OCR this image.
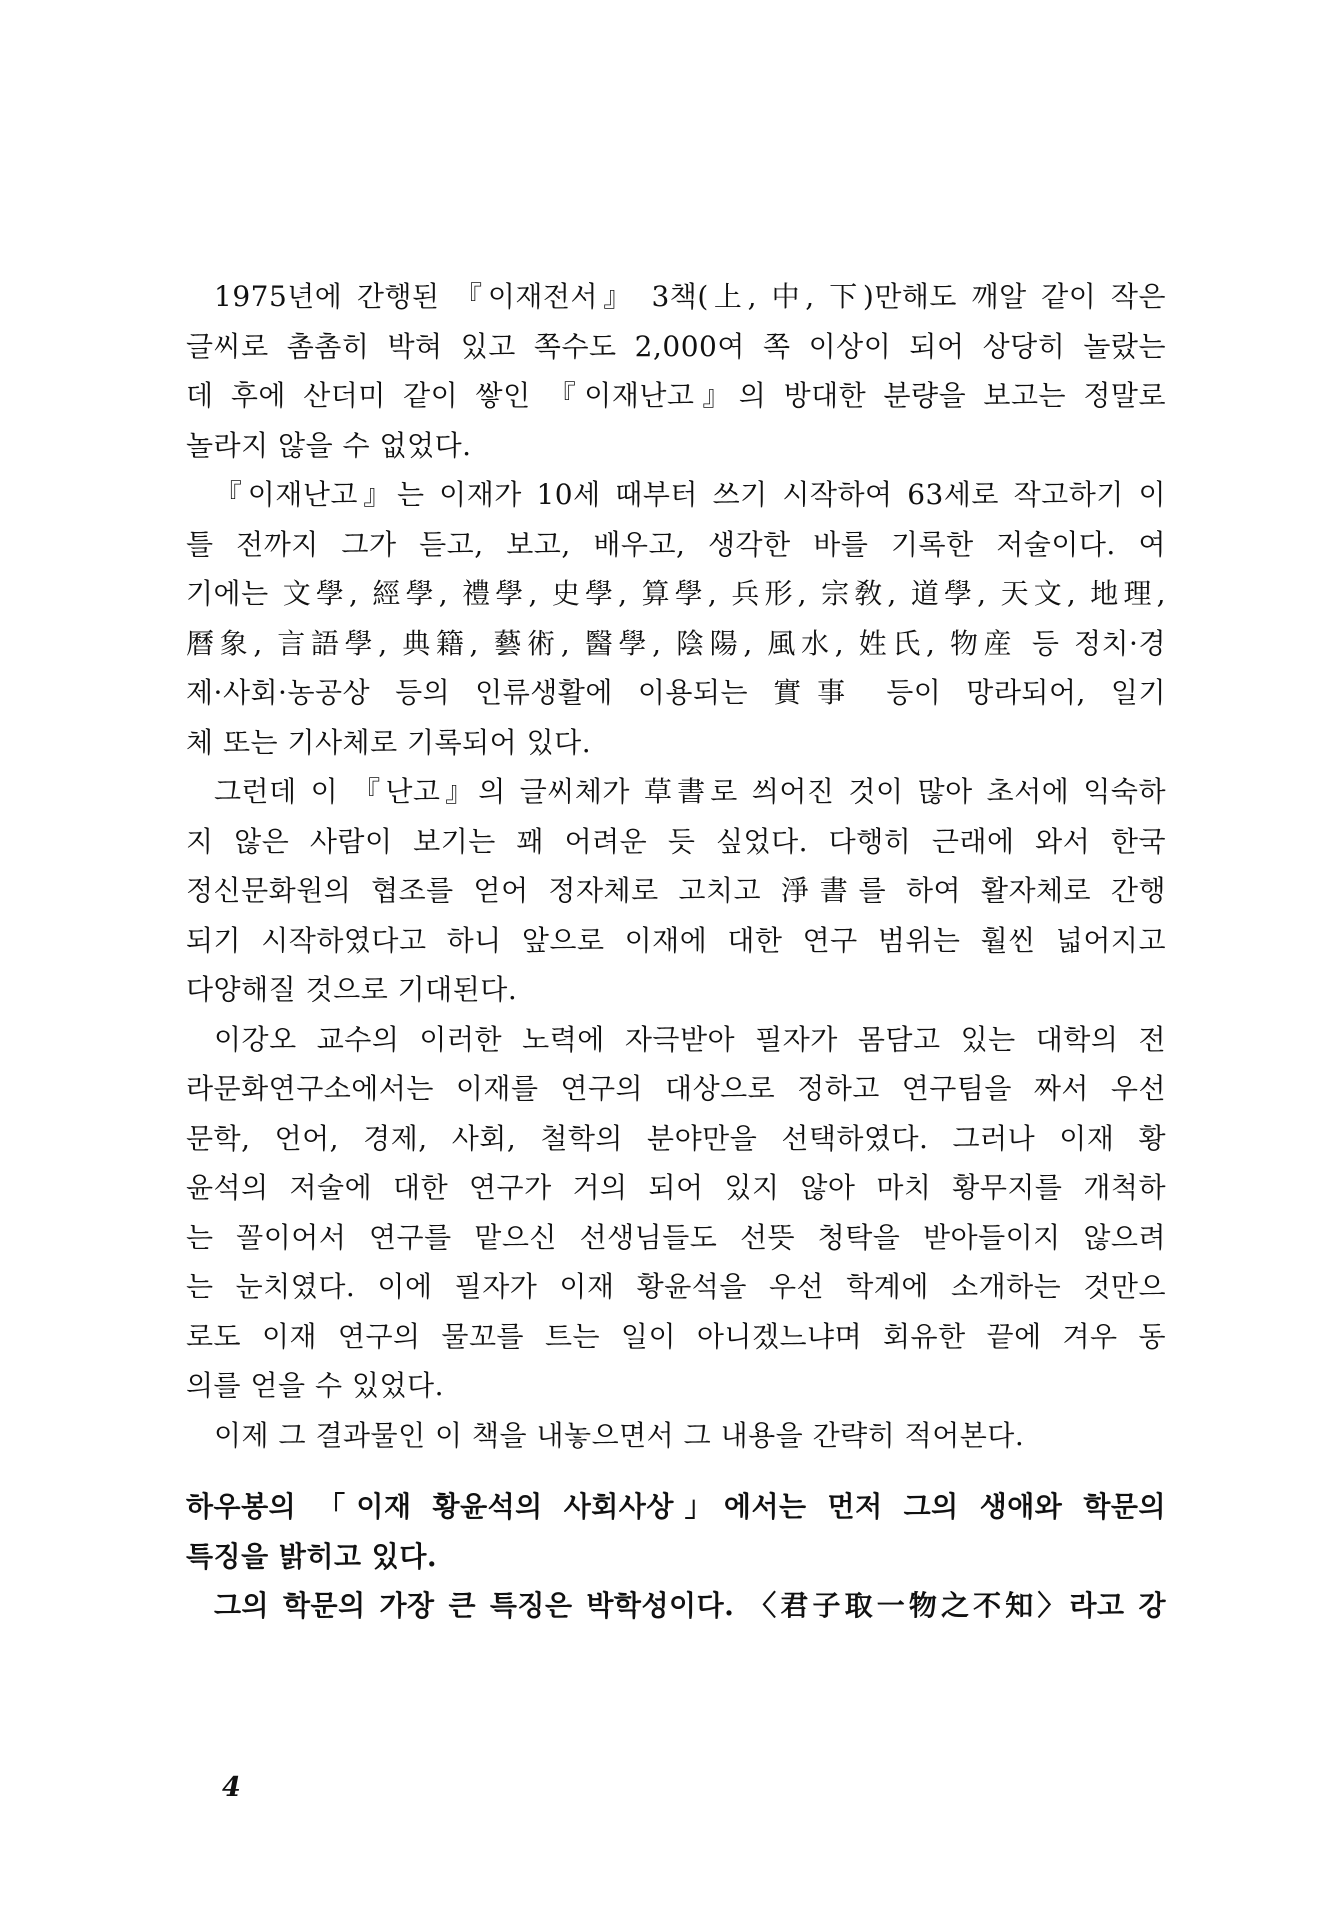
1975년에 간행된 『이재전서』 3책(上, 中, 下)만해도 깨알 같이 작은
글씨로 촘촘히 박혀 있고 쪽수도 2,000여 쪽 이상이 되어 상당히 놀랐는
데 후에 산더미 같이 쌓인 『이재난고』의 방대한 분량을 보고는 정말로
놀라지 않을 수 없었다.
『이재난고』는 이재가 10세 때부터 쓰기 시작하여 63세로 작고하기 이
틀 전까지 그가 듣고, 보고, 배우고, 생각한 바를 기록한 저술이다. 여
기에는 文學, 經學, 禮學, 史學, 算學, 兵形, 宗敎, 道學, 天文, 地理,
曆象, 言語學, 典籍, 藝術, 醫學, 陰陽, 風水, 姓氏, 物産 등 정치·경
제·사회·농공상 등의 인류생활에 이용되는 實事 등이 망라되어, 일기
체 또는 기사체로 기록되어 있다.
그런데 이 『난고』의 글씨체가 草書로 씌어진 것이 많아 초서에 익숙하
지 않은 사람이 보기는 꽤 어려운 듯 싶었다. 다행히 근래에 와서 한국
정신문화원의 협조를 얻어 정자체로 고치고 淨書를 하여 활자체로 간행
되기 시작하였다고 하니 앞으로 이재에 대한 연구 범위는 훨씬 넓어지고
다양해질 것으로 기대된다.
이강오 교수의 이러한 노력에 자극받아 필자가 몸담고 있는 대학의 전
라문화연구소에서는 이재를 연구의 대상으로 정하고 연구팀을 짜서 우선
문학, 언어, 경제, 사회, 철학의 분야만을 선택하였다. 그러나 이재 황
윤석의 저술에 대한 연구가 거의 되어 있지 않아 마치 황무지를 개척하
는 꼴이어서 연구를 맡으신 선생님들도 선뜻 청탁을 받아들이지 않으려
는 눈치였다. 이에 필자가 이재 황윤석을 우선 학계에 소개하는 것만으
로도 이재 연구의 물꼬를 트는 일이 아니겠느냐며 회유한 끝에 겨우 동
의를 얻을 수 있었다.
이제 그 결과물인 이 책을 내놓으면서 그 내용을 간략히 적어본다.
하우봉의 「이재 황윤석의 사회사상」에서는 먼저 그의 생애와 학문의
특징을 밝히고 있다.
그의 학문의 가장 큰 특징은 박학성이다. 〈君子取一物之不知〉라고 강
4
